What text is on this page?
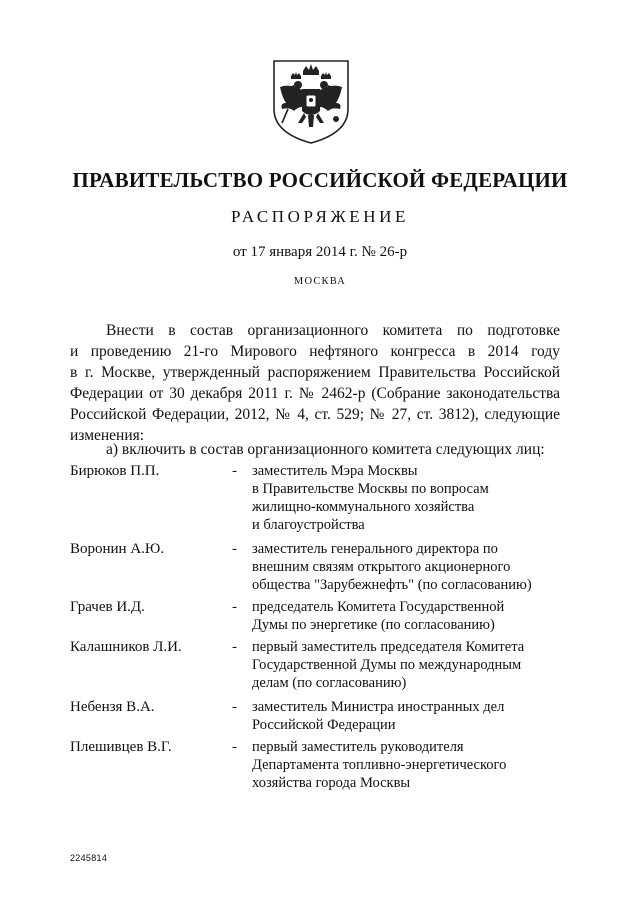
ПРАВИТЕЛЬСТВО РОССИЙСКОЙ ФЕДЕРАЦИИ
РАСПОРЯЖЕНИЕ
от 17 января 2014 г. № 26-р
МОСКВА
Внести в состав организационного комитета по подготовке
и проведению 21-го Мирового нефтяного конгресса в 2014 году
в г. Москве, утвержденный распоряжением Правительства Российской
Федерации от 30 декабря 2011 г. № 2462-р (Собрание законодательства
Российской Федерации, 2012, № 4, ст. 529; № 27, ст. 3812), следующие
изменения:
а) включить в состав организационного комитета следующих лиц:
Бирюков П.П.	- заместитель Мэра Москвы
в Правительстве Москвы по вопросам
жилищно-коммунального хозяйства
и благоустройства
Воронин А.Ю.	- заместитель генерального директора по
внешним связям открытого акционерного
общества "Зарубежнефть" (по согласованию)
Грачев И.Д.	- председатель Комитета Государственной
Думы по энергетике (по согласованию)
Калашников Л.И.	- первый заместитель председателя Комитета
Государственной Думы по международным
делам (по согласованию)
Небензя В.А.	- заместитель Министра иностранных дел
Российской Федерации
Плешивцев В.Г.	- первый заместитель руководителя
Департамента топливно-энергетического
хозяйства города Москвы
2245814
